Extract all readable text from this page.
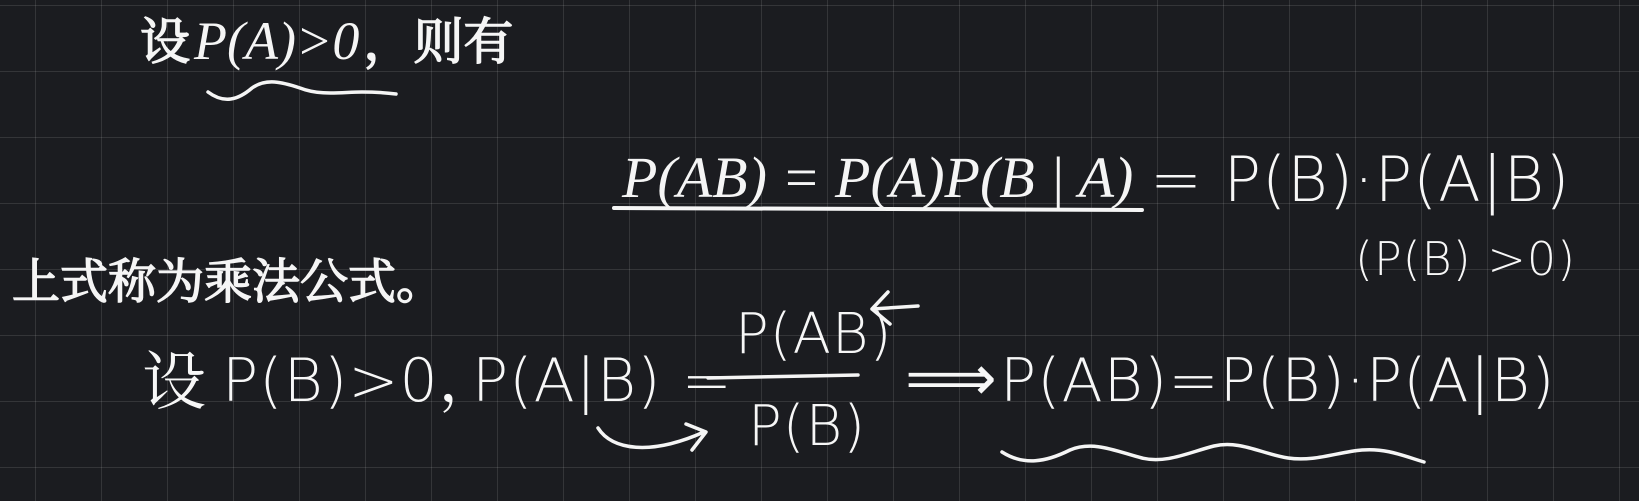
设P(A)>0，则有
P(AB) = P(A)P(B | A) = P(B)·P(A|B)
(P(B) >0)
上式称为乘法公式。
设 P(B)>0，
P(A|B) =
P(AB)
P(B)
⟹ P(AB)=P(B)·P(A|B)
